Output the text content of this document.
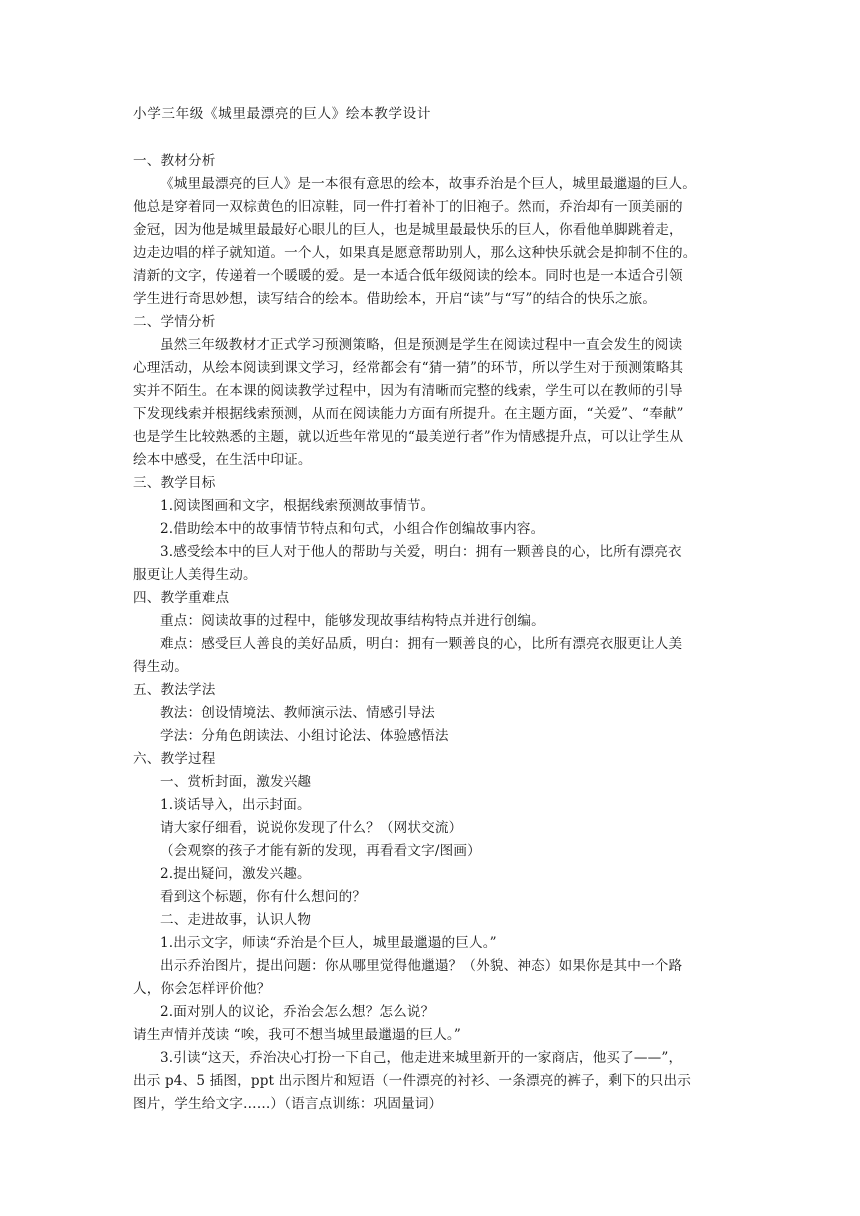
小学三年级《城里最漂亮的巨人》绘本教学设计
一、教材分析
《城里最漂亮的巨人》是一本很有意思的绘本，故事乔治是个巨人，城里最邋遢的巨人。
他总是穿着同一双棕黄色的旧凉鞋，同一件打着补丁的旧袍子。然而，乔治却有一顶美丽的
金冠，因为他是城里最最好心眼儿的巨人，也是城里最最快乐的巨人，你看他单脚跳着走，
边走边唱的样子就知道。一个人，如果真是愿意帮助别人，那么这种快乐就会是抑制不住的。
清新的文字，传递着一个暖暖的爱。是一本适合低年级阅读的绘本。同时也是一本适合引领
学生进行奇思妙想，读写结合的绘本。借助绘本，开启“读”与“写”的结合的快乐之旅。
二、学情分析
虽然三年级教材才正式学习预测策略，但是预测是学生在阅读过程中一直会发生的阅读
心理活动，从绘本阅读到课文学习，经常都会有“猜一猜”的环节，所以学生对于预测策略其
实并不陌生。在本课的阅读教学过程中，因为有清晰而完整的线索，学生可以在教师的引导
下发现线索并根据线索预测，从而在阅读能力方面有所提升。在主题方面，“关爱”、“奉献”
也是学生比较熟悉的主题，就以近些年常见的“最美逆行者”作为情感提升点，可以让学生从
绘本中感受，在生活中印证。
三、教学目标
1.阅读图画和文字，根据线索预测故事情节。
2.借助绘本中的故事情节特点和句式，小组合作创编故事内容。
3.感受绘本中的巨人对于他人的帮助与关爱，明白：拥有一颗善良的心，比所有漂亮衣
服更让人美得生动。
四、教学重难点
重点：阅读故事的过程中，能够发现故事结构特点并进行创编。
难点：感受巨人善良的美好品质，明白：拥有一颗善良的心，比所有漂亮衣服更让人美
得生动。
五、教法学法
教法：创设情境法、教师演示法、情感引导法
学法：分角色朗读法、小组讨论法、体验感悟法
六、教学过程
一、赏析封面，激发兴趣
1.谈话导入，出示封面。
请大家仔细看，说说你发现了什么？（网状交流）
（会观察的孩子才能有新的发现，再看看文字/图画）
2.提出疑问，激发兴趣。
看到这个标题，你有什么想问的？
二、走进故事，认识人物
1.出示文字，师读“乔治是个巨人，城里最邋遢的巨人。”
出示乔治图片，提出问题：你从哪里觉得他邋遢？（外貌、神态）如果你是其中一个路
人，你会怎样评价他？
2.面对别人的议论，乔治会怎么想？怎么说？
请生声情并茂读 “唉，我可不想当城里最邋遢的巨人。”
3.引读“这天，乔治决心打扮一下自己，他走进来城里新开的一家商店，他买了——”，
出示 p4、5 插图，ppt 出示图片和短语（一件漂亮的衬衫、一条漂亮的裤子，剩下的只出示
图片，学生给文字……）（语言点训练：巩固量词）
